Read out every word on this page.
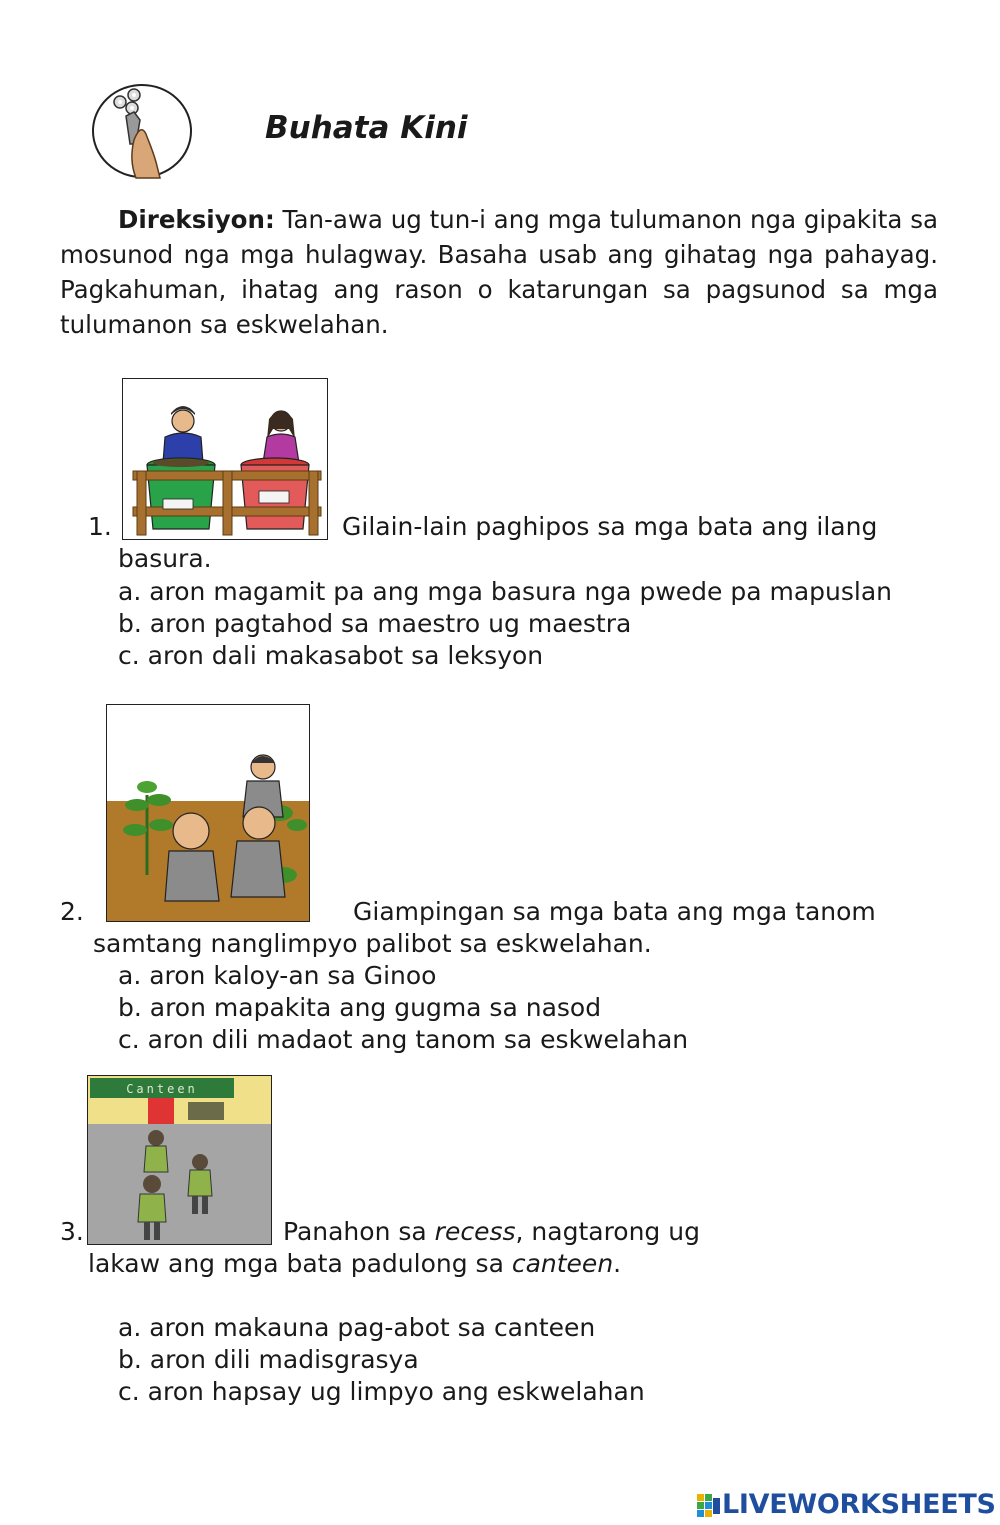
Buhata Kini
Direksiyon: Tan-awa ug tun-i ang mga tulumanon nga gipakita sa mosunod nga mga hulagway. Basaha usab ang gihatag nga pahayag. Pagkahuman, ihatag ang rason o katarungan sa pagsunod sa mga tulumanon sa eskwelahan.
1.	Gilain-lain paghipos sa mga bata ang ilang
basura.
a. aron magamit pa ang mga basura nga pwede pa mapuslan
b. aron pagtahod sa maestro ug maestra
c. aron dali makasabot sa leksyon
2.	Giampingan sa mga bata ang mga tanom
samtang nanglimpyo palibot sa eskwelahan.
a. aron kaloy-an sa Ginoo
b. aron mapakita ang gugma sa nasod
c. aron dili madaot ang tanom sa eskwelahan
Canteen
3.	Panahon sa recess, nagtarong ug
lakaw ang mga bata padulong sa canteen.
a. aron makauna pag-abot sa canteen
b. aron dili madisgrasya
c. aron hapsay ug limpyo ang eskwelahan
LIVEWORKSHEETS
